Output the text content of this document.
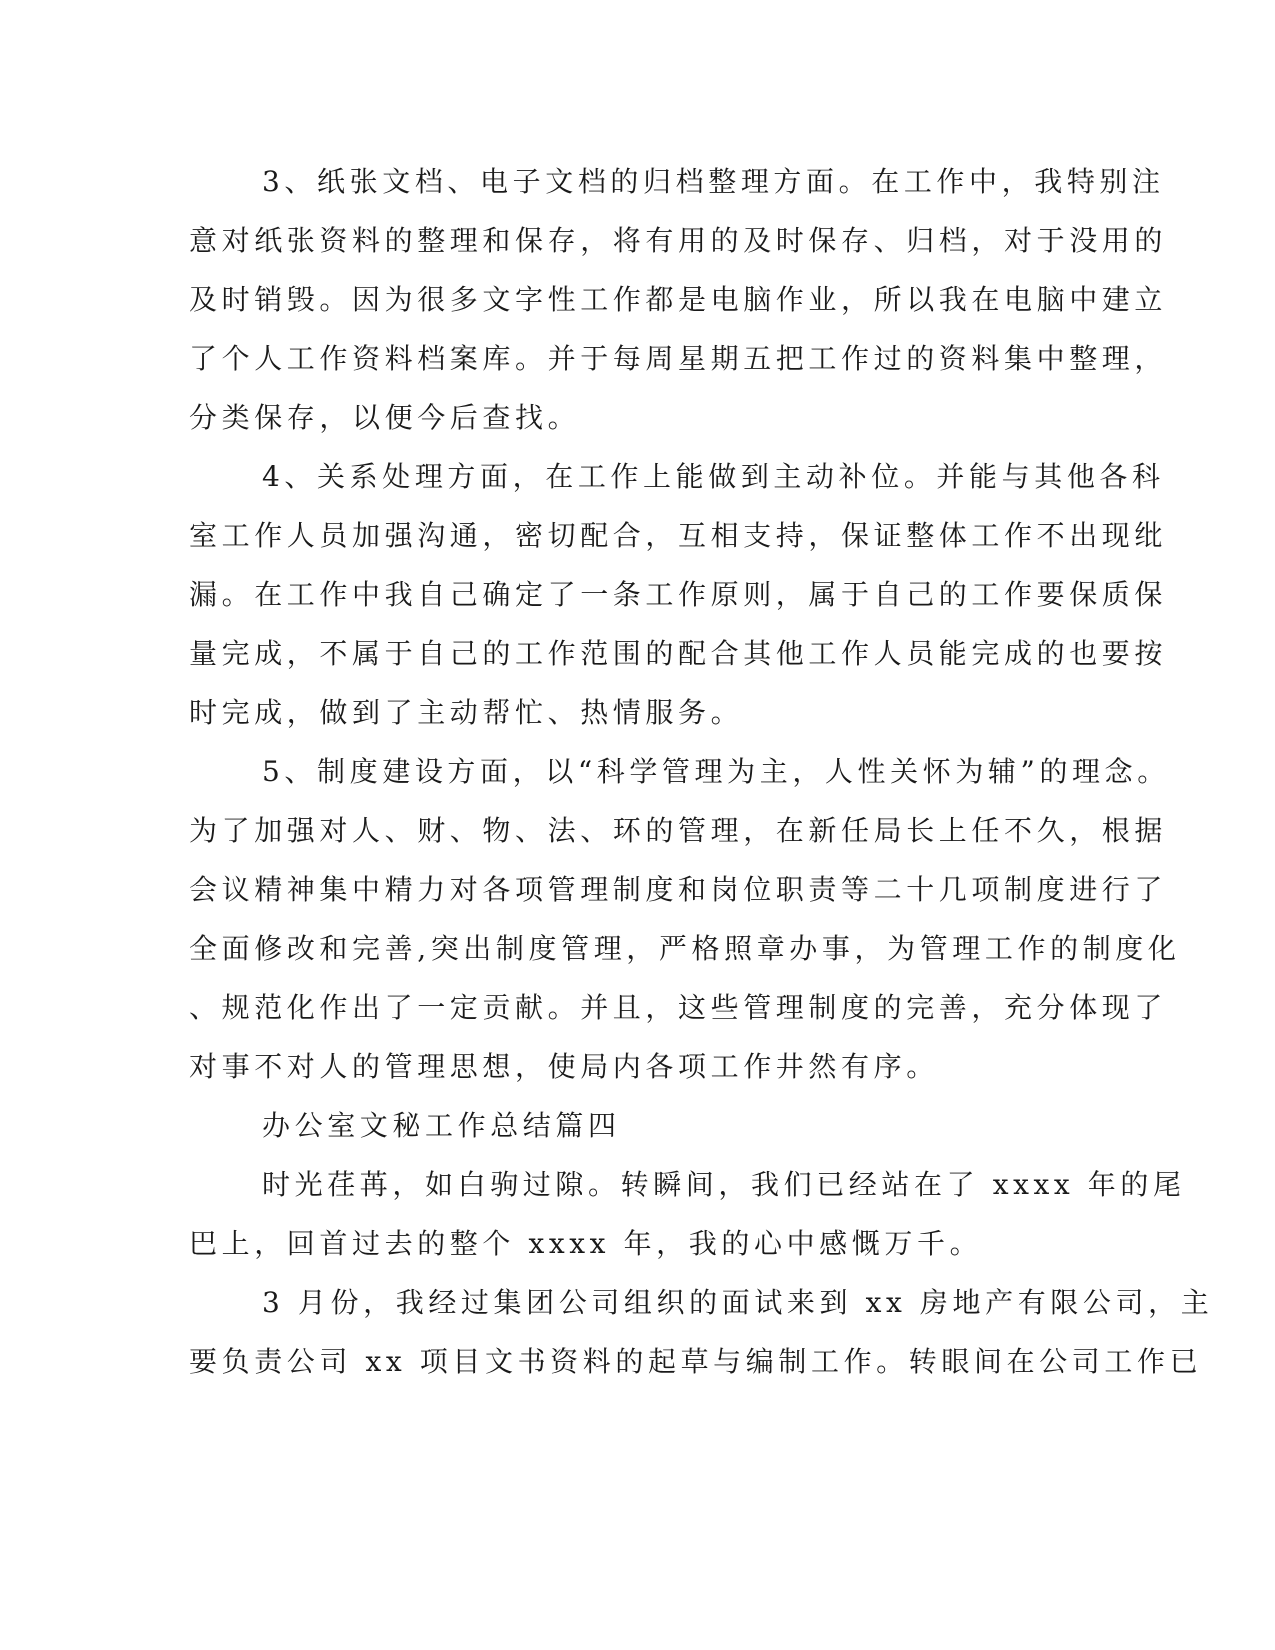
3、纸张文档、电子文档的归档整理方面。在工作中，我特别注
意对纸张资料的整理和保存，将有用的及时保存、归档，对于没用的
及时销毁。因为很多文字性工作都是电脑作业，所以我在电脑中建立
了个人工作资料档案库。并于每周星期五把工作过的资料集中整理，
分类保存，以便今后查找。
4、关系处理方面，在工作上能做到主动补位。并能与其他各科
室工作人员加强沟通，密切配合，互相支持，保证整体工作不出现纰
漏。在工作中我自己确定了一条工作原则，属于自己的工作要保质保
量完成，不属于自己的工作范围的配合其他工作人员能完成的也要按
时完成，做到了主动帮忙、热情服务。
5、制度建设方面，以“科学管理为主，人性关怀为辅”的理念。
为了加强对人、财、物、法、环的管理，在新任局长上任不久，根据
会议精神集中精力对各项管理制度和岗位职责等二十几项制度进行了
全面修改和完善,突出制度管理，严格照章办事，为管理工作的制度化
、规范化作出了一定贡献。并且，这些管理制度的完善，充分体现了
对事不对人的管理思想，使局内各项工作井然有序。
办公室文秘工作总结篇四
时光荏苒，如白驹过隙。转瞬间，我们已经站在了 xxxx 年的尾
巴上，回首过去的整个 xxxx 年，我的心中感慨万千。
3 月份，我经过集团公司组织的面试来到 xx 房地产有限公司，主
要负责公司 xx 项目文书资料的起草与编制工作。转眼间在公司工作已
